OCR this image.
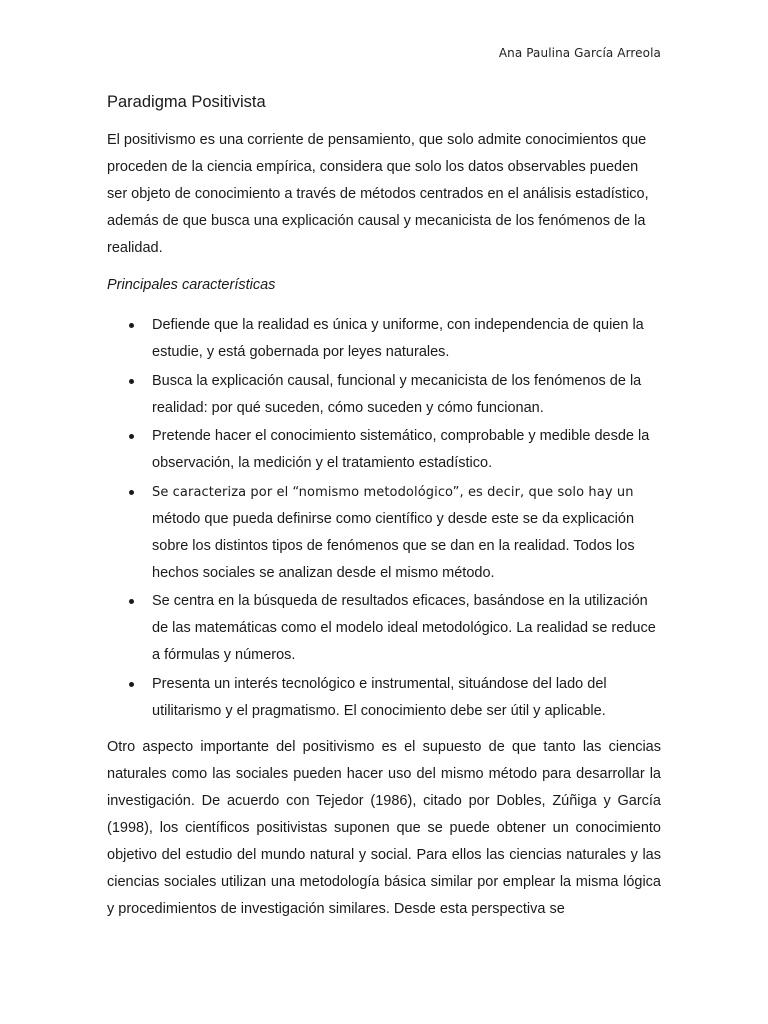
Ana Paulina García Arreola
Paradigma Positivista

El positivismo es una corriente de pensamiento, que solo admite conocimientos que proceden de la ciencia empírica, considera que solo los datos observables pueden ser objeto de conocimiento a través de métodos centrados en el análisis estadístico, además de que busca una explicación causal y mecanicista de los fenómenos de la realidad.

Principales características

Defiende que la realidad es única y uniforme, con independencia de quien la estudie, y está gobernada por leyes naturales.
Busca la explicación causal, funcional y mecanicista de los fenómenos de la realidad: por qué suceden, cómo suceden y cómo funcionan.
Pretende hacer el conocimiento sistemático, comprobable y medible desde la observación, la medición y el tratamiento estadístico.
Se caracteriza por el “nomismo metodológico”, es decir, que solo hay un método que pueda definirse como científico y desde este se da explicación sobre los distintos tipos de fenómenos que se dan en la realidad. Todos los hechos sociales se analizan desde el mismo método.
Se centra en la búsqueda de resultados eficaces, basándose en la utilización de las matemáticas como el modelo ideal metodológico. La realidad se reduce a fórmulas y números.
Presenta un interés tecnológico e instrumental, situándose del lado del utilitarismo y el pragmatismo. El conocimiento debe ser útil y aplicable.

Otro aspecto importante del positivismo es el supuesto de que tanto las ciencias naturales como las sociales pueden hacer uso del mismo método para desarrollar la investigación. De acuerdo con Tejedor (1986), citado por Dobles, Zúñiga y García (1998), los científicos positivistas suponen que se puede obtener un conocimiento objetivo del estudio del mundo natural y social. Para ellos las ciencias naturales y las ciencias sociales utilizan una metodología básica similar por emplear la misma lógica y procedimientos de investigación similares. Desde esta perspectiva se
